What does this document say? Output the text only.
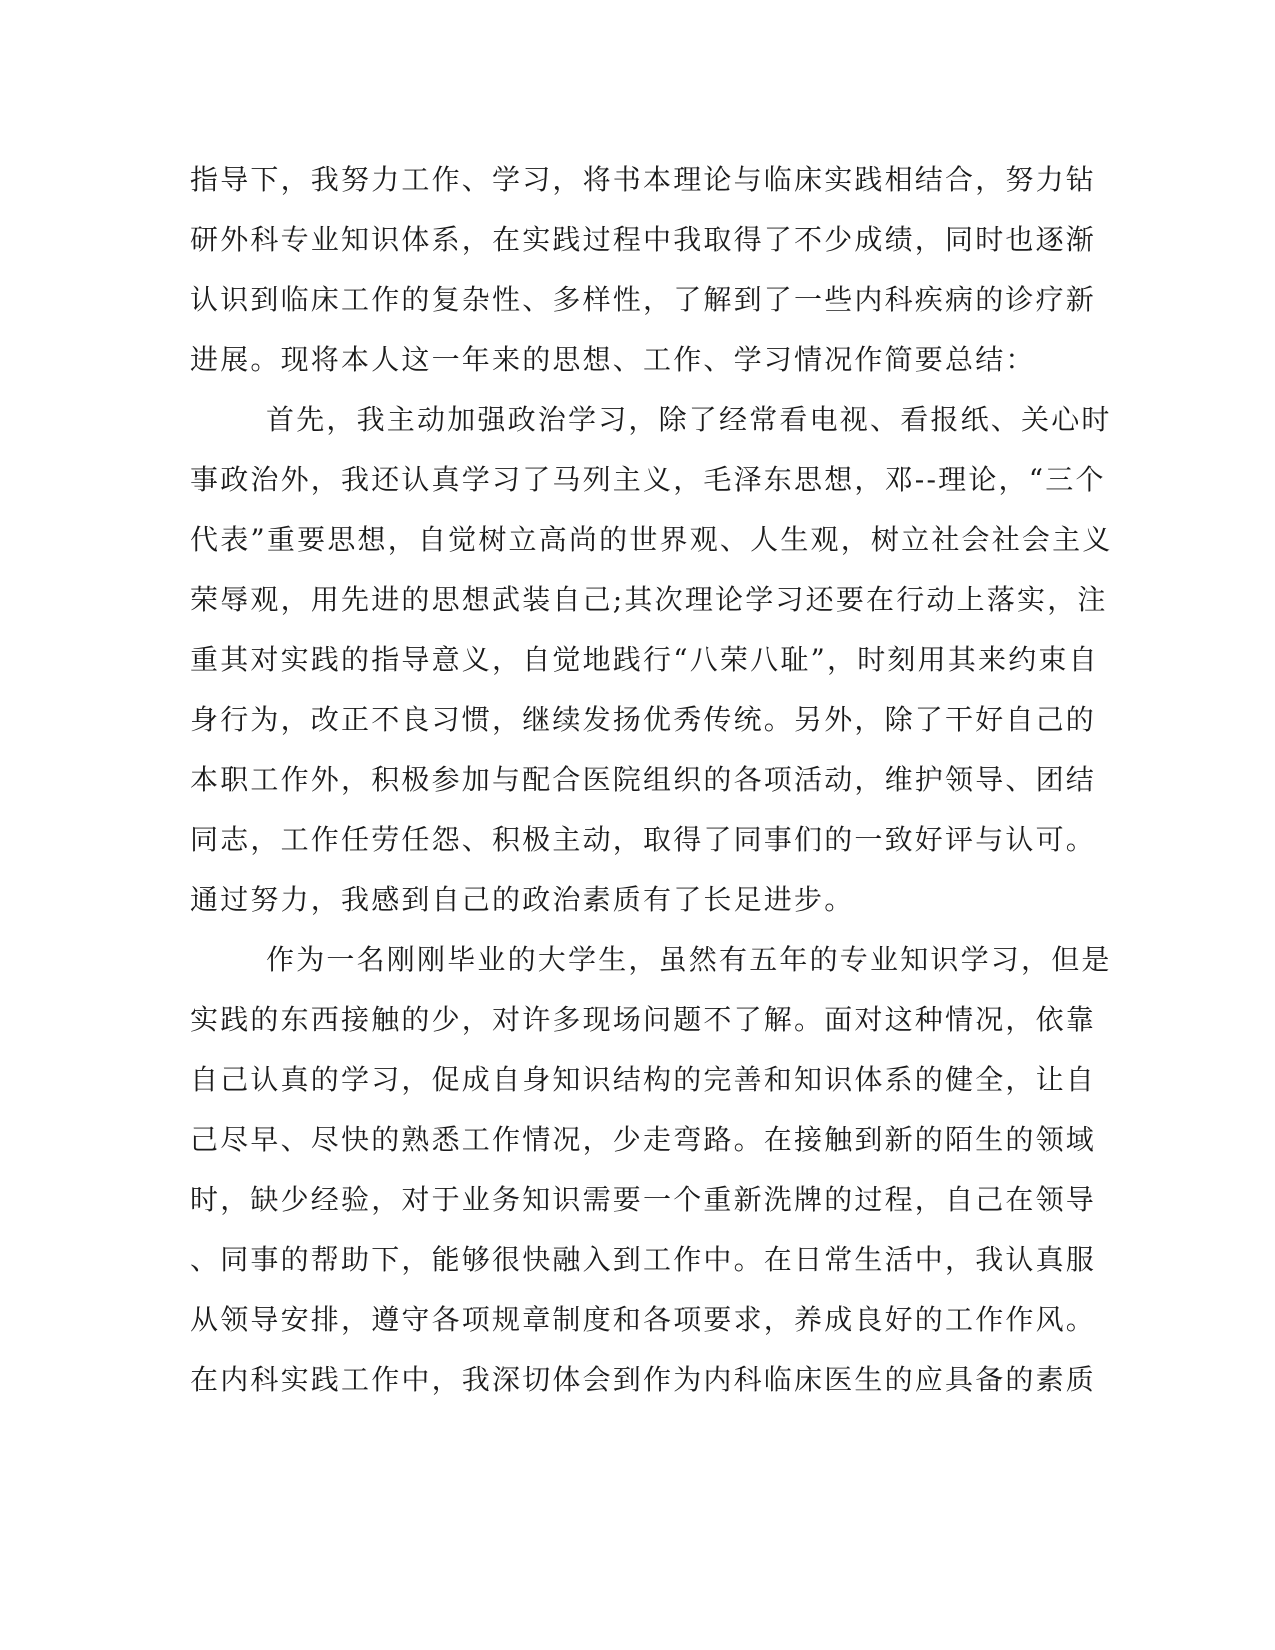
指导下，我努力工作、学习，将书本理论与临床实践相结合，努力钻
研外科专业知识体系，在实践过程中我取得了不少成绩，同时也逐渐
认识到临床工作的复杂性、多样性，了解到了一些内科疾病的诊疗新
进展。现将本人这一年来的思想、工作、学习情况作简要总结：
首先，我主动加强政治学习，除了经常看电视、看报纸、关心时
事政治外，我还认真学习了马列主义，毛泽东思想，邓--理论，“三个
代表”重要思想，自觉树立高尚的世界观、人生观，树立社会社会主义
荣辱观，用先进的思想武装自己;其次理论学习还要在行动上落实，注
重其对实践的指导意义，自觉地践行“八荣八耻”，时刻用其来约束自
身行为，改正不良习惯，继续发扬优秀传统。另外，除了干好自己的
本职工作外，积极参加与配合医院组织的各项活动，维护领导、团结
同志，工作任劳任怨、积极主动，取得了同事们的一致好评与认可。
通过努力，我感到自己的政治素质有了长足进步。
作为一名刚刚毕业的大学生，虽然有五年的专业知识学习，但是
实践的东西接触的少，对许多现场问题不了解。面对这种情况，依靠
自己认真的学习，促成自身知识结构的完善和知识体系的健全，让自
己尽早、尽快的熟悉工作情况，少走弯路。在接触到新的陌生的领域
时，缺少经验，对于业务知识需要一个重新洗牌的过程，自己在领导
、同事的帮助下，能够很快融入到工作中。在日常生活中，我认真服
从领导安排，遵守各项规章制度和各项要求，养成良好的工作作风。
在内科实践工作中，我深切体会到作为内科临床医生的应具备的素质
